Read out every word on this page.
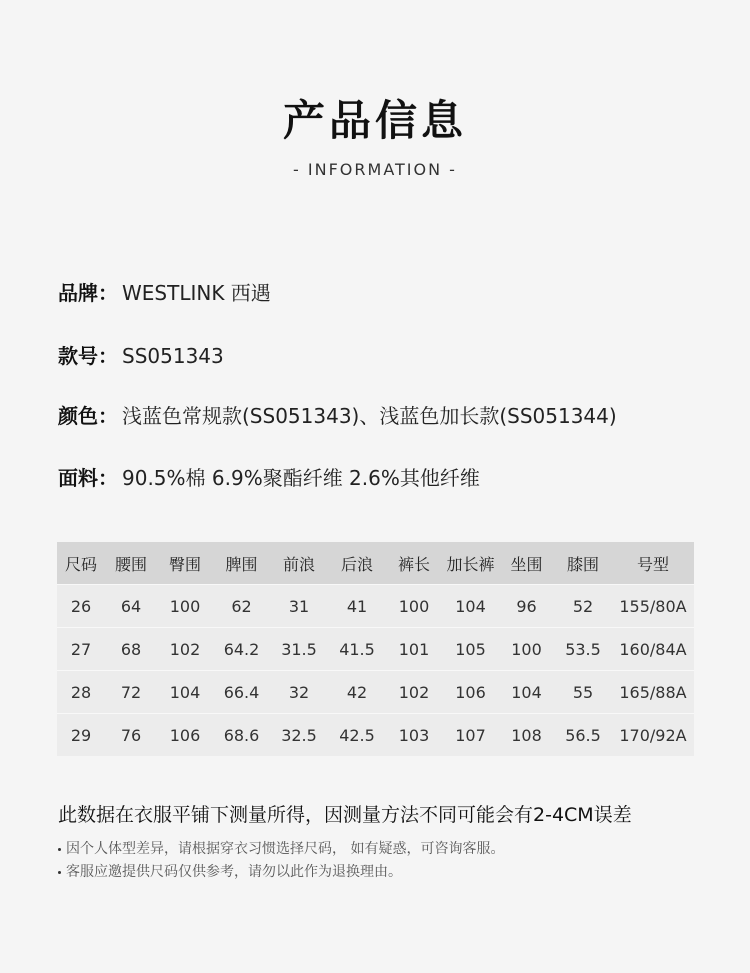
产品信息
- INFORMATION -
品牌： WESTLINK 西遇
款号： SS051343
颜色： 浅蓝色常规款(SS051343)、浅蓝色加长款(SS051344)
面料： 90.5%棉 6.9%聚酯纤维 2.6%其他纤维
尺码	腰围	臀围	脾围	前浪	后浪	裤长	加长裤	坐围	膝围	号型
26	64	100	62	31	41	100	104	96	52	155/80A
27	68	102	64.2	31.5	41.5	101	105	100	53.5	160/84A
28	72	104	66.4	32	42	102	106	104	55	165/88A
29	76	106	68.6	32.5	42.5	103	107	108	56.5	170/92A
此数据在衣服平铺下测量所得，因测量方法不同可能会有2-4CM误差
因个人体型差异，请根据穿衣习惯选择尺码， 如有疑惑，可咨询客服。
客服应邀提供尺码仅供参考，请勿以此作为退换理由。
